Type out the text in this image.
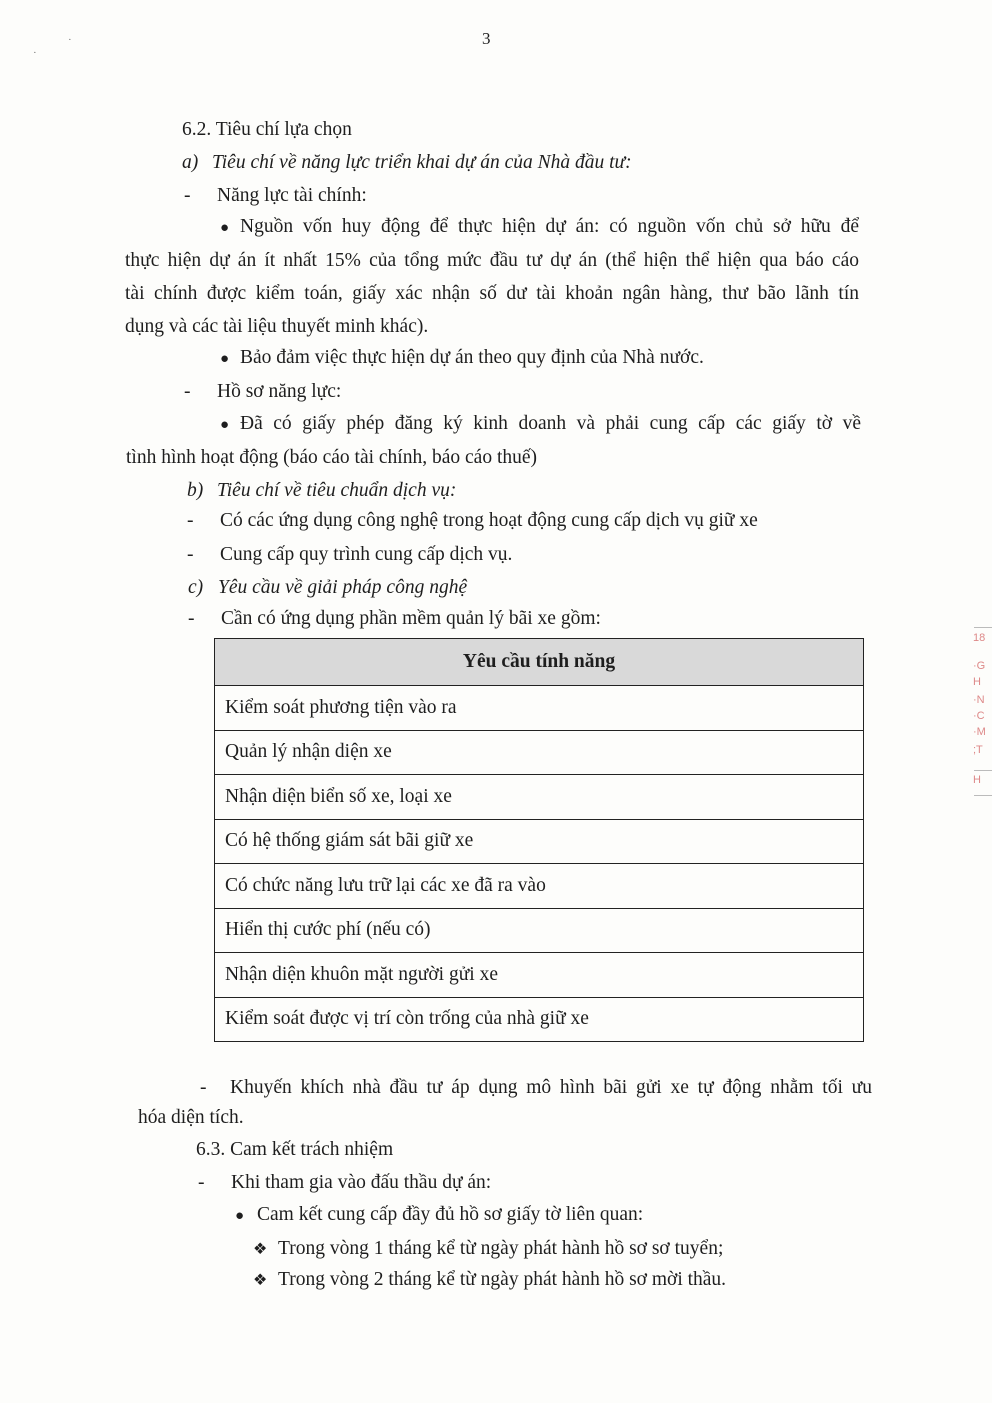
·
·	3
6.2. Tiêu chí lựa chọn
a) Tiêu chí về năng lực triển khai dự án của Nhà đầu tư:
- Năng lực tài chính:
● Nguồn vốn huy động để thực hiện dự án: có nguồn vốn chủ sở hữu để
thực hiện dự án ít nhất 15% của tổng mức đầu tư dự án (thể hiện thể hiện qua báo cáo
tài chính được kiểm toán, giấy xác nhận số dư tài khoản ngân hàng, thư bão lãnh tín
dụng và các tài liệu thuyết minh khác).
● Bảo đảm việc thực hiện dự án theo quy định của Nhà nước.
- Hồ sơ năng lực:
● Đã có giấy phép đăng ký kinh doanh và phải cung cấp các giấy tờ về
tình hình hoạt động (báo cáo tài chính, báo cáo thuế)
b) Tiêu chí về tiêu chuẩn dịch vụ:
- Có các ứng dụng công nghệ trong hoạt động cung cấp dịch vụ giữ xe
- Cung cấp quy trình cung cấp dịch vụ.
c) Yêu cầu về giải pháp công nghệ
- Cần có ứng dụng phần mềm quản lý bãi xe gồm:
Yêu cầu tính năng
Kiểm soát phương tiện vào ra
Quản lý nhận diện xe
Nhận diện biển số xe, loại xe
Có hệ thống giám sát bãi giữ xe
Có chức năng lưu trữ lại các xe đã ra vào
Hiển thị cước phí (nếu có)
Nhận diện khuôn mặt người gửi xe
Kiểm soát được vị trí còn trống của nhà giữ xe
- Khuyến khích nhà đầu tư áp dụng mô hình bãi gửi xe tự động nhằm tối ưu
hóa diện tích.
6.3. Cam kết trách nhiệm
- Khi tham gia vào đấu thầu dự án:
● Cam kết cung cấp đầy đủ hồ sơ giấy tờ liên quan:
❖ Trong vòng 1 tháng kể từ ngày phát hành hồ sơ sơ tuyển;
❖ Trong vòng 2 tháng kể từ ngày phát hành hồ sơ mời thầu.
1​8
·G
H
·N
·C
·M
;T
H
